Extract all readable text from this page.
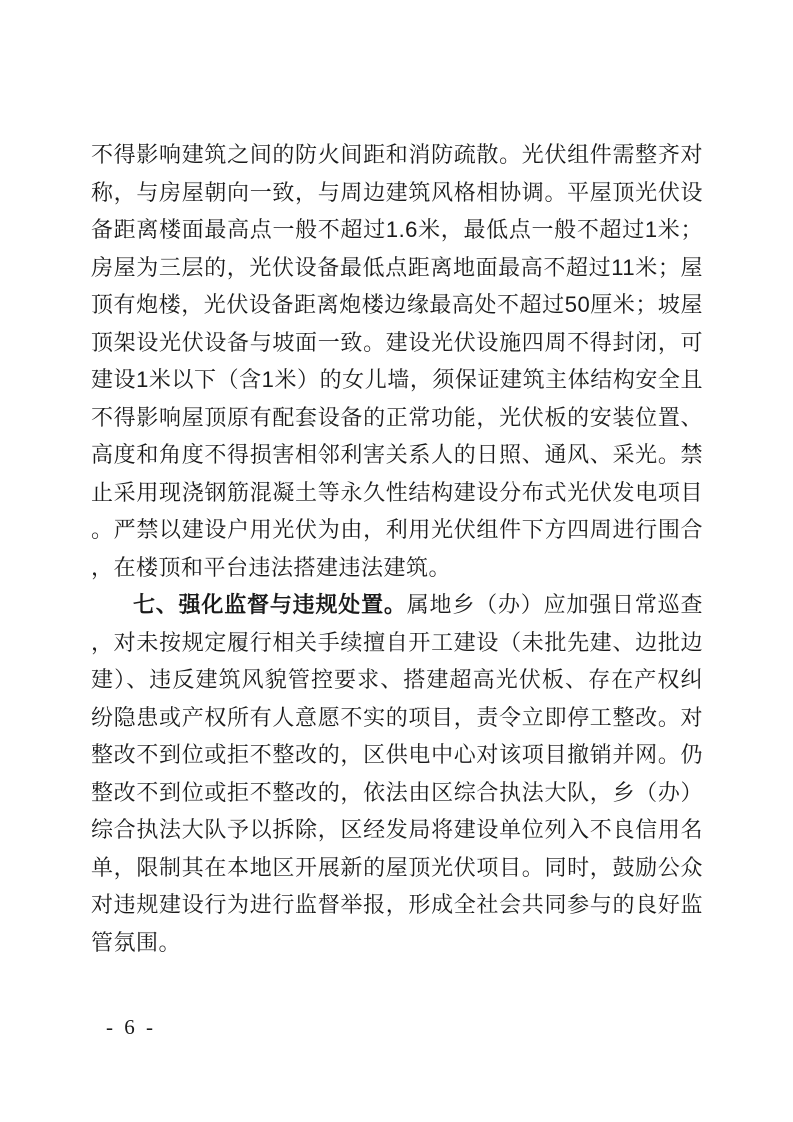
不得影响建筑之间的防火间距和消防疏散。光伏组件需整齐对
称，与房屋朝向一致，与周边建筑风格相协调。平屋顶光伏设
备距离楼面最高点一般不超过1.6米，最低点一般不超过1米；
房屋为三层的，光伏设备最低点距离地面最高不超过11米；屋
顶有炮楼，光伏设备距离炮楼边缘最高处不超过50厘米；坡屋
顶架设光伏设备与坡面一致。建设光伏设施四周不得封闭，可
建设1米以下（含1米）的女儿墙，须保证建筑主体结构安全且
不得影响屋顶原有配套设备的正常功能，光伏板的安装位置、
高度和角度不得损害相邻利害关系人的日照、通风、采光。禁
止采用现浇钢筋混凝土等永久性结构建设分布式光伏发电项目
。严禁以建设户用光伏为由，利用光伏组件下方四周进行围合
，在楼顶和平台违法搭建违法建筑。
七、强化监督与违规处置。属地乡（办）应加强日常巡查
，对未按规定履行相关手续擅自开工建设（未批先建、边批边
建）、违反建筑风貌管控要求、搭建超高光伏板、存在产权纠
纷隐患或产权所有人意愿不实的项目，责令立即停工整改。对
整改不到位或拒不整改的，区供电中心对该项目撤销并网。仍
整改不到位或拒不整改的，依法由区综合执法大队，乡（办）
综合执法大队予以拆除，区经发局将建设单位列入不良信用名
单，限制其在本地区开展新的屋顶光伏项目。同时，鼓励公众
对违规建设行为进行监督举报，形成全社会共同参与的良好监
管氛围。
- 6 -
